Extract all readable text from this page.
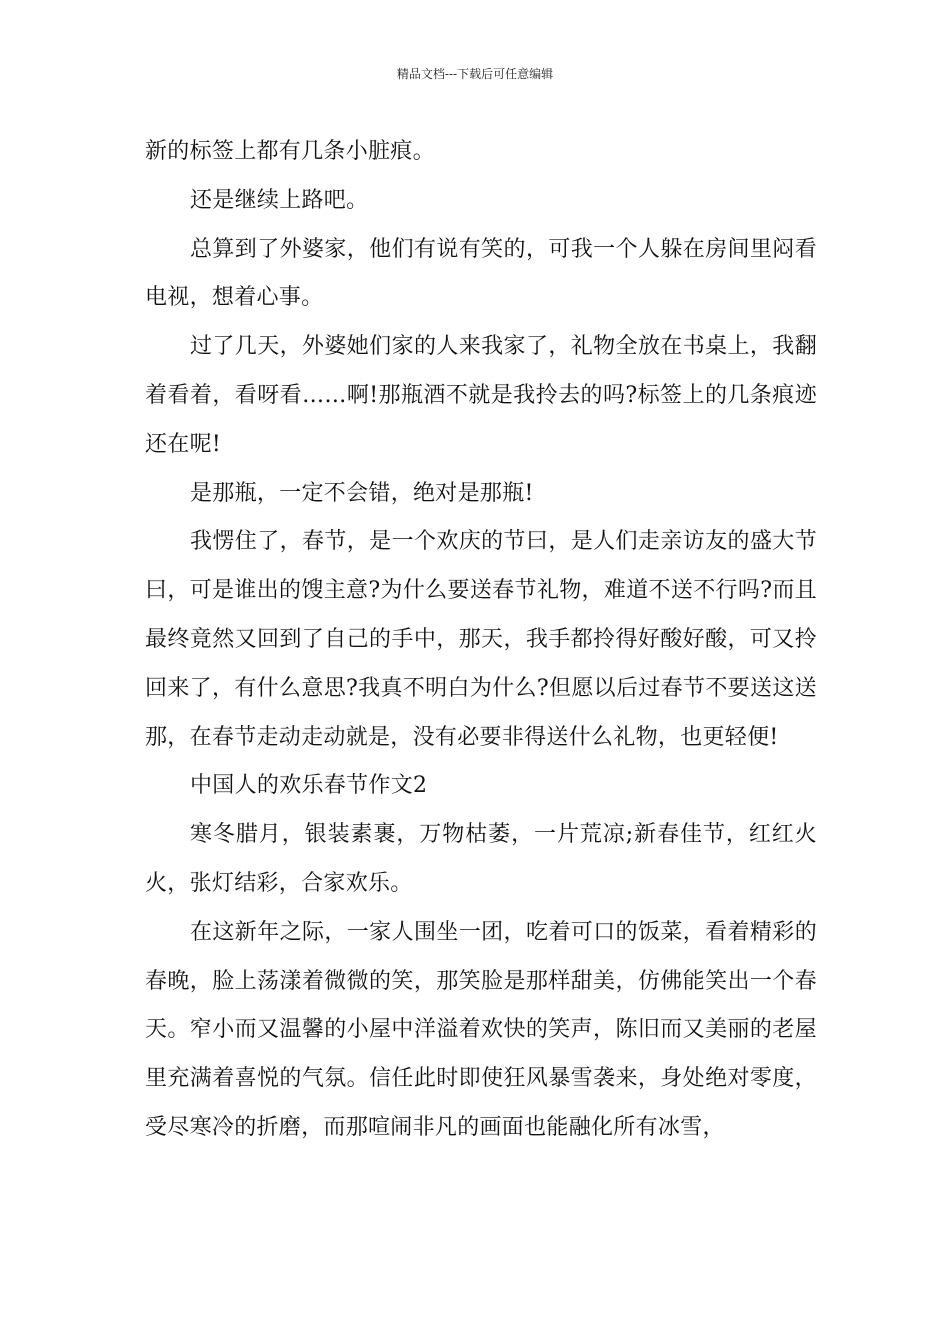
精品文档---下载后可任意编辑

新的标签上都有几条小脏痕。

还是继续上路吧。

总算到了外婆家，他们有说有笑的，可我一个人躲在房间里闷看电视，想着心事。

过了几天，外婆她们家的人来我家了，礼物全放在书桌上，我翻着看着，看呀看……啊!那瓶酒不就是我拎去的吗?标签上的几条痕迹还在呢!

是那瓶，一定不会错，绝对是那瓶!

我愣住了，春节，是一个欢庆的节曰，是人们走亲访友的盛大节曰，可是谁出的馊主意?为什么要送春节礼物，难道不送不行吗?而且最终竟然又回到了自己的手中，那天，我手都拎得好酸好酸，可又拎回来了，有什么意思?我真不明白为什么?但愿以后过春节不要送这送那，在春节走动走动就是，没有必要非得送什么礼物，也更轻便!

中国人的欢乐春节作文2

寒冬腊月，银装素裹，万物枯萎，一片荒凉;新春佳节，红红火火，张灯结彩，合家欢乐。

在这新年之际，一家人围坐一团，吃着可口的饭菜，看着精彩的春晚，脸上荡漾着微微的笑，那笑脸是那样甜美，仿佛能笑出一个春天。窄小而又温馨的小屋中洋溢着欢快的笑声，陈旧而又美丽的老屋里充满着喜悦的气氛。信任此时即使狂风暴雪袭来，身处绝对零度，受尽寒冷的折磨，而那喧闹非凡的画面也能融化所有冰雪，
